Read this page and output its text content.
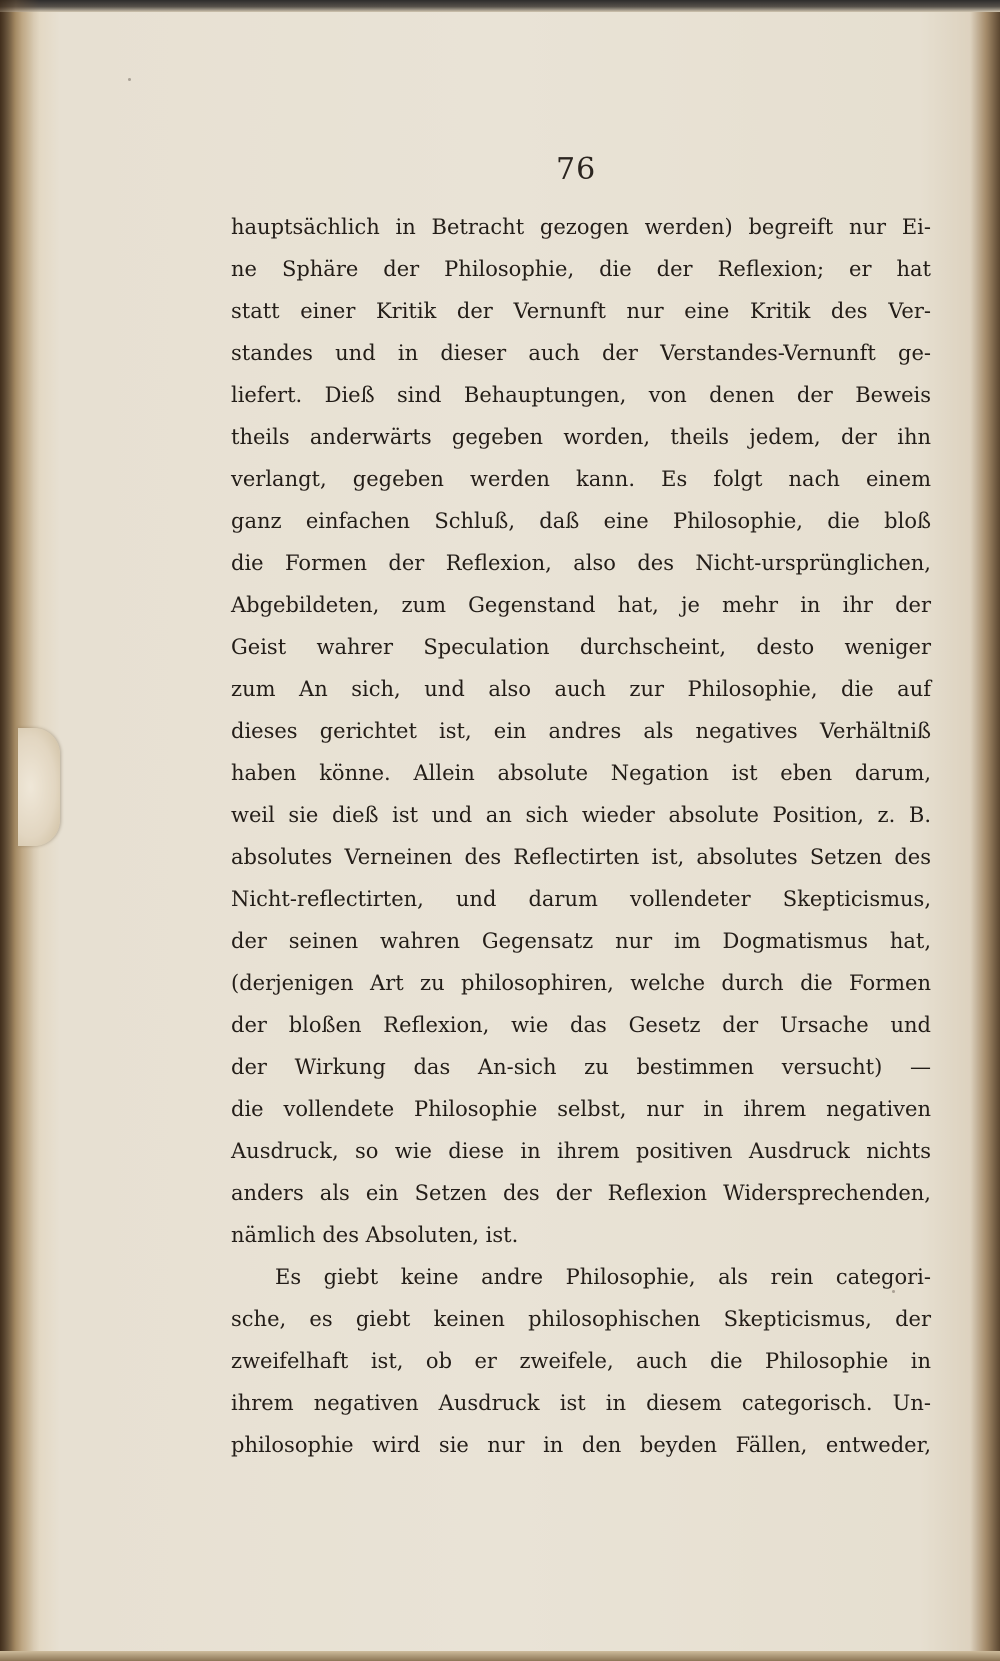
76
hauptsächlich in Betracht gezogen werden) begreift nur Ei-
ne Sphäre der Philosophie, die der Reflexion; er hat
statt einer Kritik der Vernunft nur eine Kritik des Ver-
standes und in dieser auch der Verstandes-Vernunft ge-
liefert. Dieß sind Behauptungen, von denen der Beweis
theils anderwärts gegeben worden, theils jedem, der ihn
verlangt, gegeben werden kann. Es folgt nach einem
ganz einfachen Schluß, daß eine Philosophie, die bloß
die Formen der Reflexion, also des Nicht-ursprünglichen,
Abgebildeten, zum Gegenstand hat, je mehr in ihr der
Geist wahrer Speculation durchscheint, desto weniger
zum An sich, und also auch zur Philosophie, die auf
dieses gerichtet ist, ein andres als negatives Verhältniß
haben könne. Allein absolute Negation ist eben darum,
weil sie dieß ist und an sich wieder absolute Position, z. B.
absolutes Verneinen des Reflectirten ist, absolutes Setzen des
Nicht-reflectirten, und darum vollendeter Skepticismus,
der seinen wahren Gegensatz nur im Dogmatismus hat,
(derjenigen Art zu philosophiren, welche durch die Formen
der bloßen Reflexion, wie das Gesetz der Ursache und
der Wirkung das An-sich zu bestimmen versucht) —
die vollendete Philosophie selbst, nur in ihrem negativen
Ausdruck, so wie diese in ihrem positiven Ausdruck nichts
anders als ein Setzen des der Reflexion Widersprechenden,
nämlich des Absoluten, ist.
Es giebt keine andre Philosophie, als rein categori-
sche, es giebt keinen philosophischen Skepticismus, der
zweifelhaft ist, ob er zweifele, auch die Philosophie in
ihrem negativen Ausdruck ist in diesem categorisch. Un-
philosophie wird sie nur in den beyden Fällen, entweder,
